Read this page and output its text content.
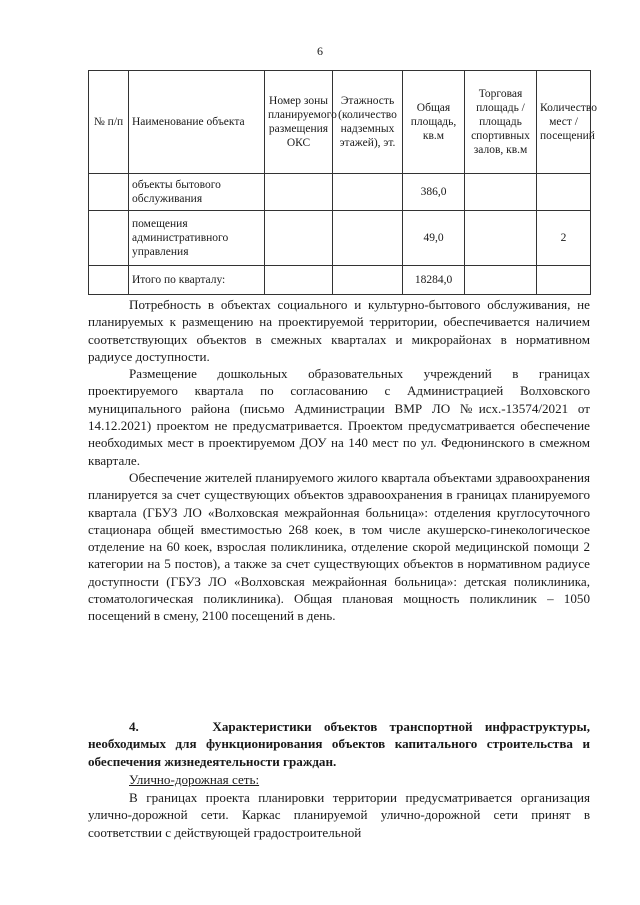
6
№ п/п	Наименование объекта	Номер зоны планируемого размещения ОКС	Этажность (количество надземных этажей), эт.	Общая площадь, кв.м	Торговая площадь /площадь спортивных залов, кв.м	Количество мест /посещений
	объекты бытового обслуживания			386,0		
	помещения административного управления			49,0		2
	Итого по кварталу:			18284,0		

Потребность в объектах социального и культурно-бытового обслуживания, не планируемых к размещению на проектируемой территории, обеспечивается наличием соответствующих объектов в смежных кварталах и микрорайонах в нормативном радиусе доступности.

Размещение дошкольных образовательных учреждений в границах проектируемого квартала по согласованию с Администрацией Волховского муниципального района (письмо Администрации ВМР ЛО №исх.-13574/2021 от 14.12.2021) проектом не предусматривается. Проектом предусматривается обеспечение необходимых мест в проектируемом ДОУ на 140 мест по ул. Федюнинского в смежном квартале.

Обеспечение жителей планируемого жилого квартала объектами здравоохранения планируется за счет существующих объектов здравоохранения в границах планируемого квартала (ГБУЗ ЛО «Волховская межрайонная больница»: отделения круглосуточного стационара общей вместимостью 268 коек, в том числе акушерско-гинекологическое отделение на 60 коек, взрослая поликлиника, отделение скорой медицинской помощи 2 категории на 5 постов), а также за счет существующих объектов в нормативном радиусе доступности (ГБУЗ ЛО «Волховская межрайонная больница»: детская поликлиника, стоматологическая поликлиника). Общая плановая мощность поликлиник – 1050 посещений в смену, 2100 посещений в день.

4.	Характеристики объектов транспортной инфраструктуры, необходимых для функционирования объектов капитального строительства и обеспечения жизнедеятельности граждан.

Улично-дорожная сеть:

В границах проекта планировки территории предусматривается организация улично-дорожной сети. Каркас планируемой улично-дорожной сети принят в соответствии с действующей градостроительной
